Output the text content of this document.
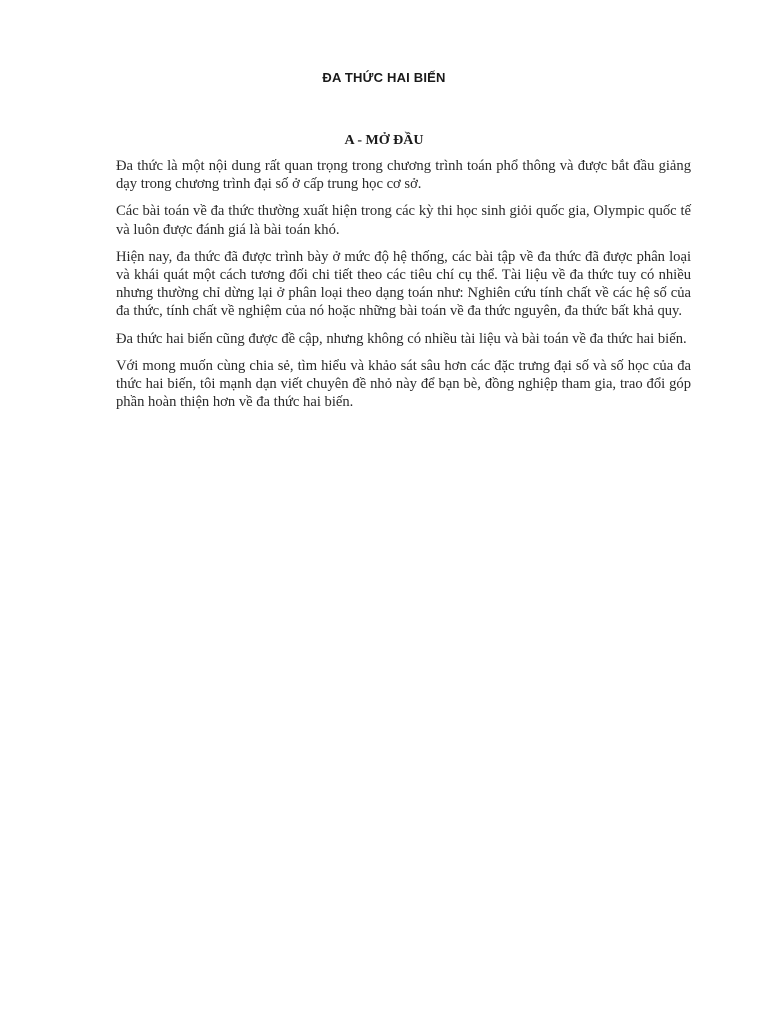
ĐA THỨC HAI BIẾN
A - MỞ ĐẦU

Đa thức là một nội dung rất quan trọng trong chương trình toán phổ thông và được bắt đầu giảng dạy trong chương trình đại số ở cấp trung học cơ sở.

Các bài toán về đa thức thường xuất hiện trong các kỳ thi học sinh giỏi quốc gia, Olympic quốc tế và luôn được đánh giá là bài toán khó.

Hiện nay, đa thức đã được trình bày ở mức độ hệ thống, các bài tập về đa thức đã được phân loại và khái quát một cách tương đối chi tiết theo các tiêu chí cụ thể. Tài liệu về đa thức tuy có nhiều nhưng thường chỉ dừng lại ở phân loại theo dạng toán như: Nghiên cứu tính chất về các hệ số của đa thức, tính chất về nghiệm của nó hoặc những bài toán về đa thức nguyên, đa thức bất khả quy.

Đa thức hai biến cũng được đề cập, nhưng không có nhiều tài liệu và bài toán về đa thức hai biến.

Với mong muốn cùng chia sẻ, tìm hiểu và khảo sát sâu hơn các đặc trưng đại số và số học của đa thức hai biến, tôi mạnh dạn viết chuyên đề nhỏ này để bạn bè, đồng nghiệp tham gia, trao đổi góp phần hoàn thiện hơn về đa thức hai biến.
